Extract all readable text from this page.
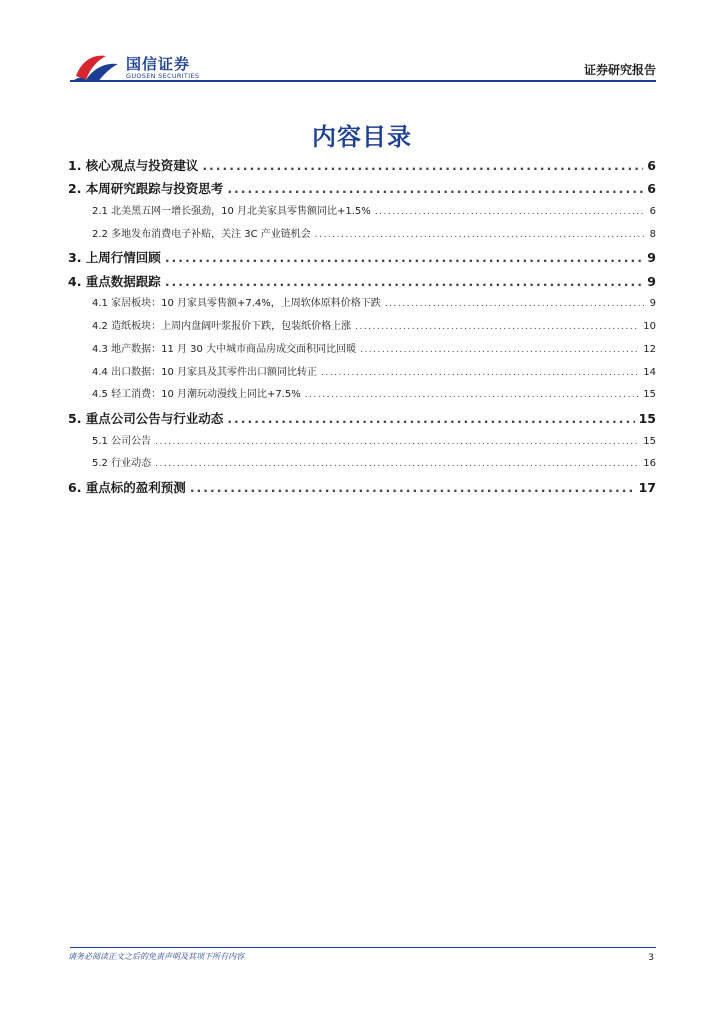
国信证券
GUOSEN SECURITIES	证券研究报告
内容目录
1. 核心观点与投资建议 .....	6
2. 本周研究跟踪与投资思考 .....	6
2.1 北美黑五网一增长强劲，10 月北美家具零售额同比+1.5% .....	6
2.2 多地发布消费电子补贴，关注 3C 产业链机会 .....	8
3. 上周行情回顾 .....	9
4. 重点数据跟踪 .....	9
4.1 家居板块：10 月家具零售额+7.4%，上周软体原料价格下跌 .....	9
4.2 造纸板块：上周内盘阔叶浆报价下跌，包装纸价格上涨 .....	10
4.3 地产数据：11 月 30 大中城市商品房成交面积同比回暖 .....	12
4.4 出口数据：10 月家具及其零件出口额同比转正 .....	14
4.5 轻工消费：10 月潮玩动漫线上同比+7.5% .....	15
5. 重点公司公告与行业动态 .....	15
5.1 公司公告 .....	15
5.2 行业动态 .....	16
6. 重点标的盈利预测 .....	17
请务必阅读正文之后的免责声明及其项下所有内容	3
